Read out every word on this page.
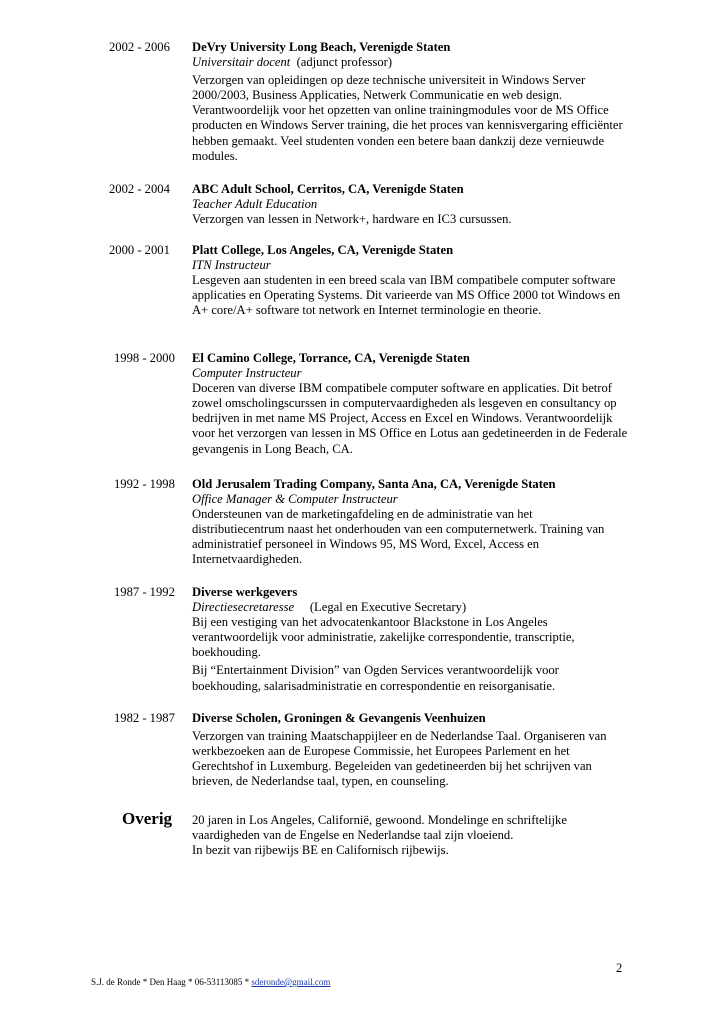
2002 - 2006 DeVry University Long Beach, Verenigde Staten
Universitair docent (adjunct professor)

Verzorgen van opleidingen op deze technische universiteit in Windows Server 2000/2003, Business Applicaties, Netwerk Communicatie en web design. Verantwoordelijk voor het opzetten van online trainingmodules voor de MS Office producten en Windows Server training, die het proces van kennisvergaring efficiënter hebben gemaakt. Veel studenten vonden een betere baan dankzij deze vernieuwde modules.

2002 - 2004 ABC Adult School, Cerritos, CA, Verenigde Staten
Teacher Adult Education

Verzorgen van lessen in Network+, hardware en IC3 cursussen.

2000 - 2001 Platt College, Los Angeles, CA, Verenigde Staten
ITN Instructeur

Lesgeven aan studenten in een breed scala van IBM compatibele computer software applicaties en Operating Systems. Dit varieerde van MS Office 2000 tot Windows en A+ core/A+ software tot network en Internet terminologie en theorie.

1998 - 2000 El Camino College, Torrance, CA, Verenigde Staten
Computer Instructeur

Doceren van diverse IBM compatibele computer software en applicaties. Dit betrof zowel omscholingscurssen in computervaardigheden als lesgeven en consultancy op bedrijven in met name MS Project, Access en Excel en Windows. Verantwoordelijk voor het verzorgen van lessen in MS Office en Lotus aan gedetineerden in de Federale gevangenis in Long Beach, CA.

1992 - 1998 Old Jerusalem Trading Company, Santa Ana, CA, Verenigde Staten
Office Manager & Computer Instructeur

Ondersteunen van de marketingafdeling en de administratie van het distributiecentrum naast het onderhouden van een computernetwerk. Training van administratief personeel in Windows 95, MS Word, Excel, Access en Internetvaardigheden.

1987 - 1992 Diverse werkgevers
Directiesecretaresse (Legal en Executive Secretary)

Bij een vestiging van het advocatenkantoor Blackstone in Los Angeles verantwoordelijk voor administratie, zakelijke correspondentie, transcriptie, boekhouding.

Bij “Entertainment Division” van Ogden Services verantwoordelijk voor boekhouding, salarisadministratie en correspondentie en reisorganisatie.

1982 - 1987 Diverse Scholen, Groningen & Gevangenis Veenhuizen

Verzorgen van training Maatschappijleer en de Nederlandse Taal. Organiseren van werkbezoeken aan de Europese Commissie, het Europees Parlement en het Gerechtshof in Luxemburg. Begeleiden van gedetineerden bij het schrijven van brieven, de Nederlandse taal, typen, en counseling.

Overig 20 jaren in Los Angeles, Californië, gewoond. Mondelinge en schriftelijke vaardigheden van de Engelse en Nederlandse taal zijn vloeiend.

In bezit van rijbewijs BE en Californisch rijbewijs.

2
S.J. de Ronde * Den Haag * 06-53113085 * sderonde@gmail.com
